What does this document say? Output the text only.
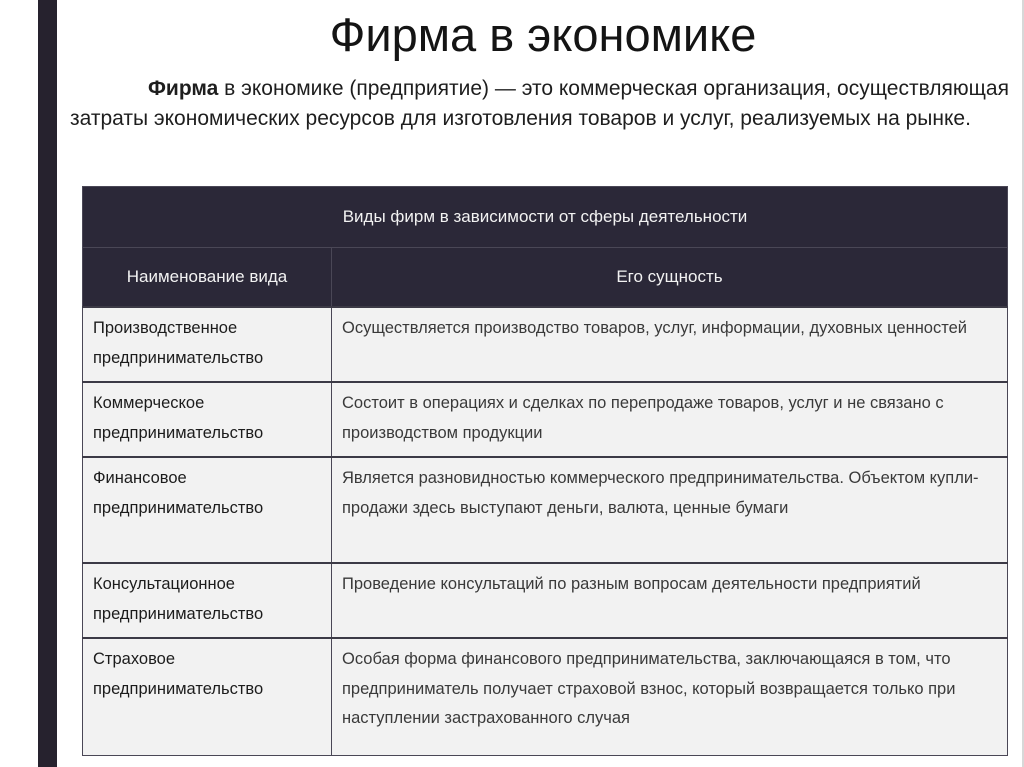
Фирма в экономике

Фирма в экономике (предприятие) — это коммерческая организация, осуществляющая затраты экономических ресурсов для изготовления товаров и услуг, реализуемых на рынке.

Виды фирм в зависимости от сферы деятельности	
Наименование вида	Его сущность
Производственное предпринимательство	Осуществляется производство товаров, услуг, информации, духовных ценностей
Коммерческое предпринимательство	Состоит в операциях и сделках по перепродаже товаров, услуг и не связано с производством продукции
Финансовое предпринимательство	Является разновидностью коммерческого предпринимательства. Объектом купли-продажи здесь выступают деньги, валюта, ценные бумаги
Консультационное предпринимательство	Проведение консультаций по разным вопросам деятельности предприятий
Страховое предпринимательство	Особая форма финансового предпринимательства, заключающаяся в том, что предприниматель получает страховой взнос, который возвращается только при наступлении застрахованного случая
